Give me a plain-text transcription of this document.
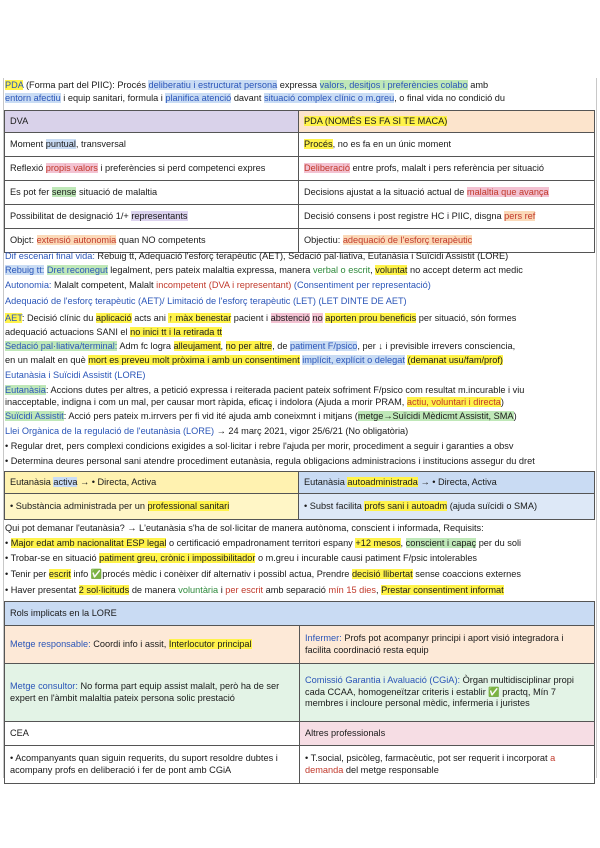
PDA (Forma part del PIIC): Procés deliberatiu i estructurat persona expressa valors, desitjos i preferències colabo amb
entorn afectiu i equip sanitari, formula i planifica atenció davant situació complex clínic o m.greu, o final vida no condició du
DVA	PDA (NOMÉS ES FA SI TE MACA)
Moment puntual, transversal	Procés, no es fa en un únic moment
Reflexió propis valors i preferències si perd competenci expres	Deliberació entre profs, malalt i pers referència per situació
Es pot fer sense situació de malaltia	Decisions ajustat a la situació actual de malaltia que avança
Possibilitat de designació 1/+ representants	Decisió consens i post registre HC i PIIC, disgna pers ref
Objct: extensió autonomia quan NO competents	Objectiu: adequació de l'esforç terapèutic
Dif escenari final vida: Rebuig tt, Adequació l'esforç terapèutic (AET), Sedació pal·liativa, Eutanàsia i Suïcidi Assistit (LORE)
Rebuig tt: Dret reconegut legalment, pers pateix malaltia expressa, manera verbal o escrit, voluntat no accept determ act medic
Autonomia: Malalt competent, Malalt incompetent (DVA i representant) (Consentiment per representació)
Adequació de l'esforç terapèutic (AET)/ Limitació de l'esforç terapèutic (LET) (LET DINTE DE AET)
AET: Decisió clínic du aplicació acts ani ↑ màx benestar pacient i abstenció no aporten prou beneficis per situació, són formes
adequació actuacions SANI el no inici tt i la retirada tt
Sedació pal·liativa/terminal: Adm fc logra alleujament, no per altre, de patiment F/psico, per ↓ i previsible irrevers consciencia,
en un malalt en què mort es preveu molt pròxima i amb un consentiment implícit, explícit o delegat (demanat usu/fam/prof)
Eutanàsia i Suïcidi Assistit (LORE)
Eutanàsia: Accions dutes per altres, a petició expressa i reiterada pacient pateix sofriment F/psico com resultat m.incurable i viu
inacceptable, indigna i com un mal, per causar mort ràpida, eficaç i indolora (Ajuda a morir PRAM, actiu, voluntari i directa)
Suïcidi Assistit: Acció pers pateix m.irrvers per fi vid ité ajuda amb coneixmnt i mitjans (metge→Suïcidi Mèdicmt Assistit, SMA)
Llei Orgànica de la regulació de l'eutanàsia (LORE) → 24 març 2021, vigor 25/6/21 (No obligatòria)
• Regular dret, pers complexi condicions exigides a sol·licitar i rebre l'ajuda per morir, procediment a seguir i garanties a obsv
• Determina deures personal sani atendre procediment eutanàsia, regula obligacions administracions i institucions assegur du dret
Eutanàsia activa → • Directa, Activa	Eutanàsia autoadministrada → • Directa, Activa
• Substància administrada per un professional sanitari	• Subst facilita profs sani i autoadm (ajuda suïcidi o SMA)
Qui pot demanar l'eutanàsia? → L'eutanàsia s'ha de sol·licitar de manera autònoma, conscient i informada, Requisits:
• Major edat amb nacionalitat ESP legal o certificació empadronament territori espany +12 mesos, conscient i capaç per du soli
• Trobar-se en situació patiment greu, crònic i impossibilitador o m.greu i incurable causi patiment F/psic intolerables
• Tenir per escrit info ✅procés mèdic i conèixer dif alternativ i possibl actua, Prendre decisió llibertat sense coaccions externes
• Haver presentat 2 sol·licituds de manera voluntària i per escrit amb separació mín 15 dies, Prestar consentiment informat
Rols implicats en la LORE	
Metge responsable: Coordi info i assit, Interlocutor principal	Infermer: Profs pot acompanyr principi i aport visió integradora i facilita coordinació resta equip
Metge consultor: No forma part equip assist malalt, però ha de ser expert en l'àmbit malaltia pateix persona solic prestació	Comissió Garantia i Avaluació (CGiA): Òrgan multidisciplinar propi cada CCAA, homogeneïtzar criteris i establir ✅ practq, Mín 7 membres i incloure personal mèdic, infermeria i juristes
CEA	Altres professionals
• Acompanyants quan siguin requerits, du suport resoldre dubtes i acompany profs en deliberació i fer de pont amb CGiA	• T.social, psicòleg, farmacèutic, pot ser requerit i incorporat a demanda del metge responsable
